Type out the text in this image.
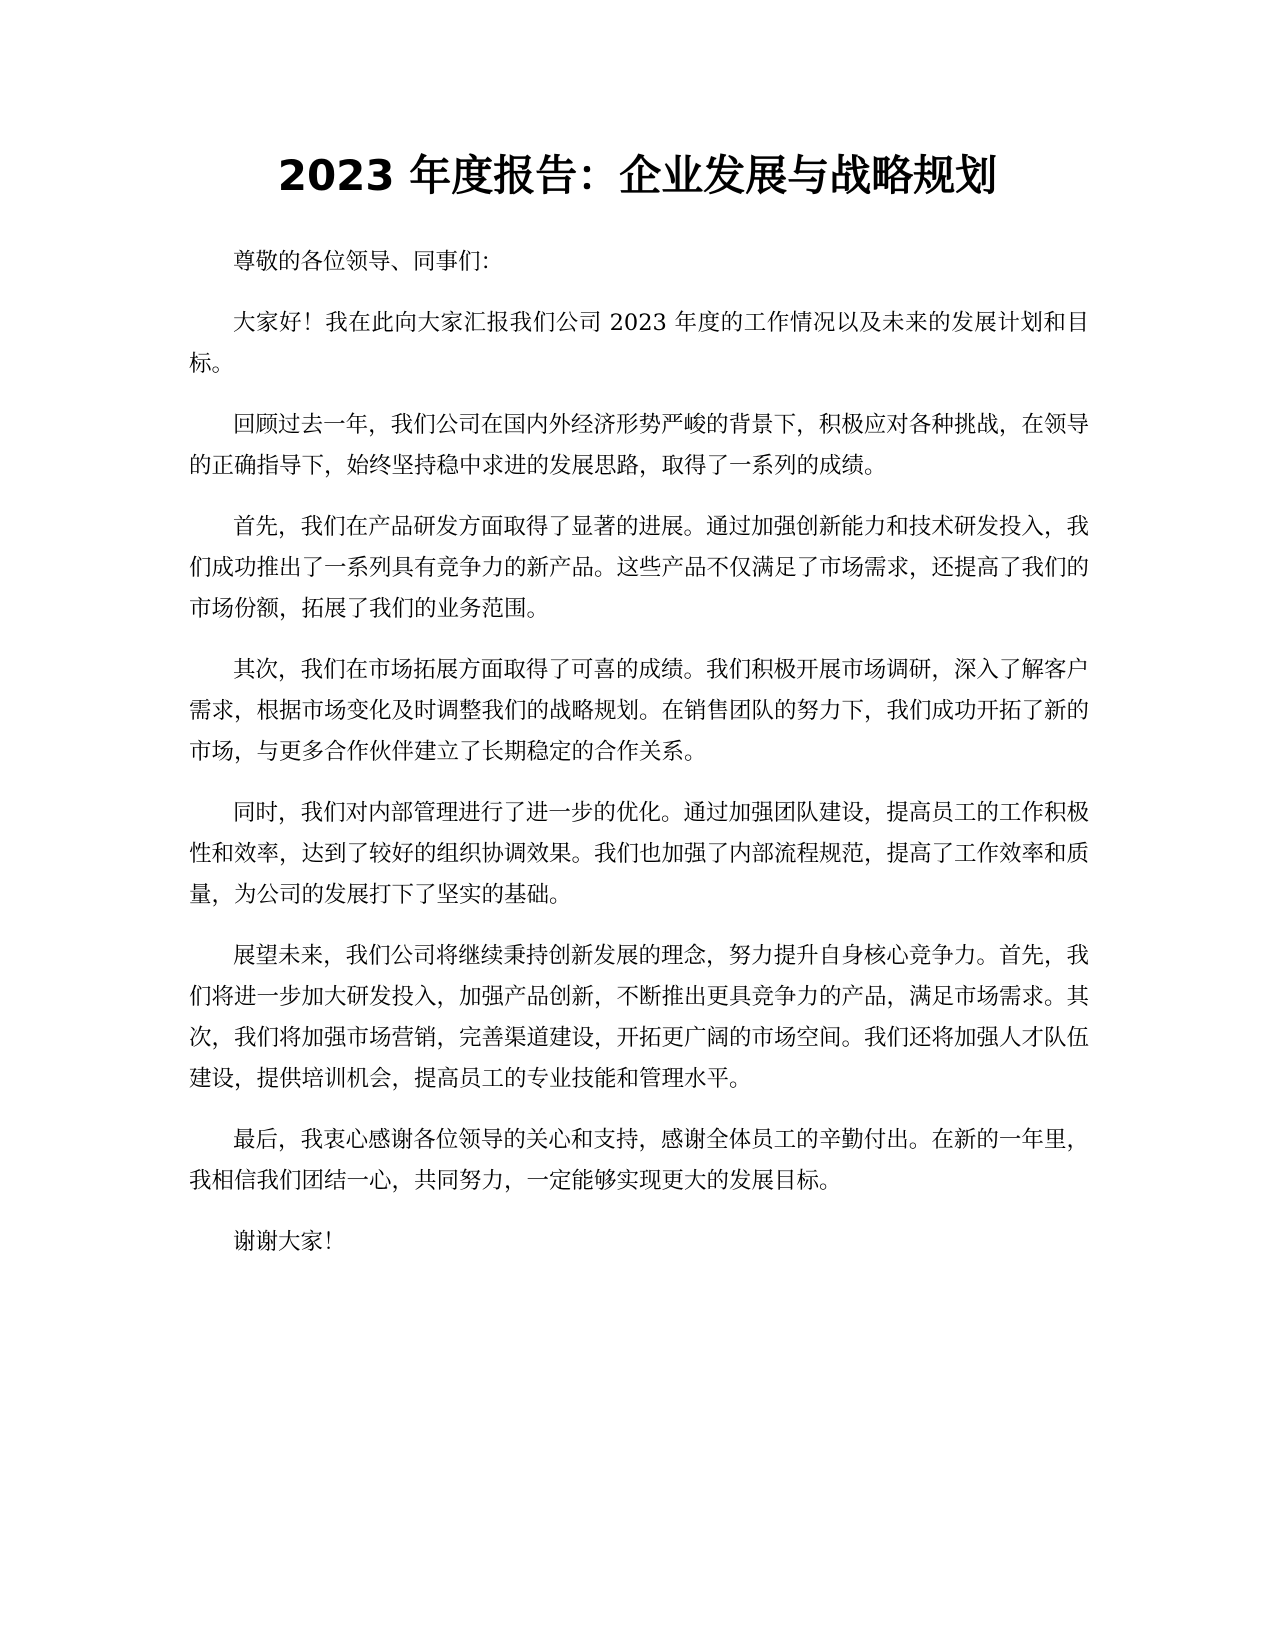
2023 年度报告：企业发展与战略规划

尊敬的各位领导、同事们：

大家好！我在此向大家汇报我们公司 2023 年度的工作情况以及未来的发展计划和目标。

回顾过去一年，我们公司在国内外经济形势严峻的背景下，积极应对各种挑战，在领导的正确指导下，始终坚持稳中求进的发展思路，取得了一系列的成绩。

首先，我们在产品研发方面取得了显著的进展。通过加强创新能力和技术研发投入，我们成功推出了一系列具有竞争力的新产品。这些产品不仅满足了市场需求，还提高了我们的市场份额，拓展了我们的业务范围。

其次，我们在市场拓展方面取得了可喜的成绩。我们积极开展市场调研，深入了解客户需求，根据市场变化及时调整我们的战略规划。在销售团队的努力下，我们成功开拓了新的市场，与更多合作伙伴建立了长期稳定的合作关系。

同时，我们对内部管理进行了进一步的优化。通过加强团队建设，提高员工的工作积极性和效率，达到了较好的组织协调效果。我们也加强了内部流程规范，提高了工作效率和质量，为公司的发展打下了坚实的基础。

展望未来，我们公司将继续秉持创新发展的理念，努力提升自身核心竞争力。首先，我们将进一步加大研发投入，加强产品创新，不断推出更具竞争力的产品，满足市场需求。其次，我们将加强市场营销，完善渠道建设，开拓更广阔的市场空间。我们还将加强人才队伍建设，提供培训机会，提高员工的专业技能和管理水平。

最后，我衷心感谢各位领导的关心和支持，感谢全体员工的辛勤付出。在新的一年里，我相信我们团结一心，共同努力，一定能够实现更大的发展目标。

谢谢大家！
